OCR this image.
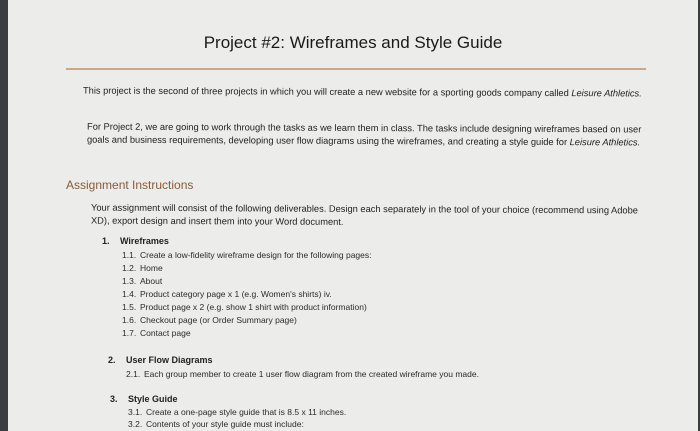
Project #2: Wireframes and Style Guide
This project is the second of three projects in which you will create a new website for a sporting goods company called Leisure Athletics.
For Project 2, we are going to work through the tasks as we learn them in class. The tasks include designing wireframes based on user goals and business requirements, developing user flow diagrams using the wireframes, and creating a style guide for Leisure Athletics.
Assignment Instructions
Your assignment will consist of the following deliverables. Design each separately in the tool of your choice (recommend using Adobe XD), export design and insert them into your Word document.
1. Wireframes
1.1. Create a low-fidelity wireframe design for the following pages:
1.2. Home
1.3. About
1.4. Product category page x 1 (e.g. Women's shirts) iv.
1.5. Product page x 2 (e.g. show 1 shirt with product information)
1.6. Checkout page (or Order Summary page)
1.7. Contact page
2. User Flow Diagrams
2.1. Each group member to create 1 user flow diagram from the created wireframe you made.
3. Style Guide
3.1. Create a one-page style guide that is 8.5 x 11 inches.
3.2. Contents of your style guide must include:
